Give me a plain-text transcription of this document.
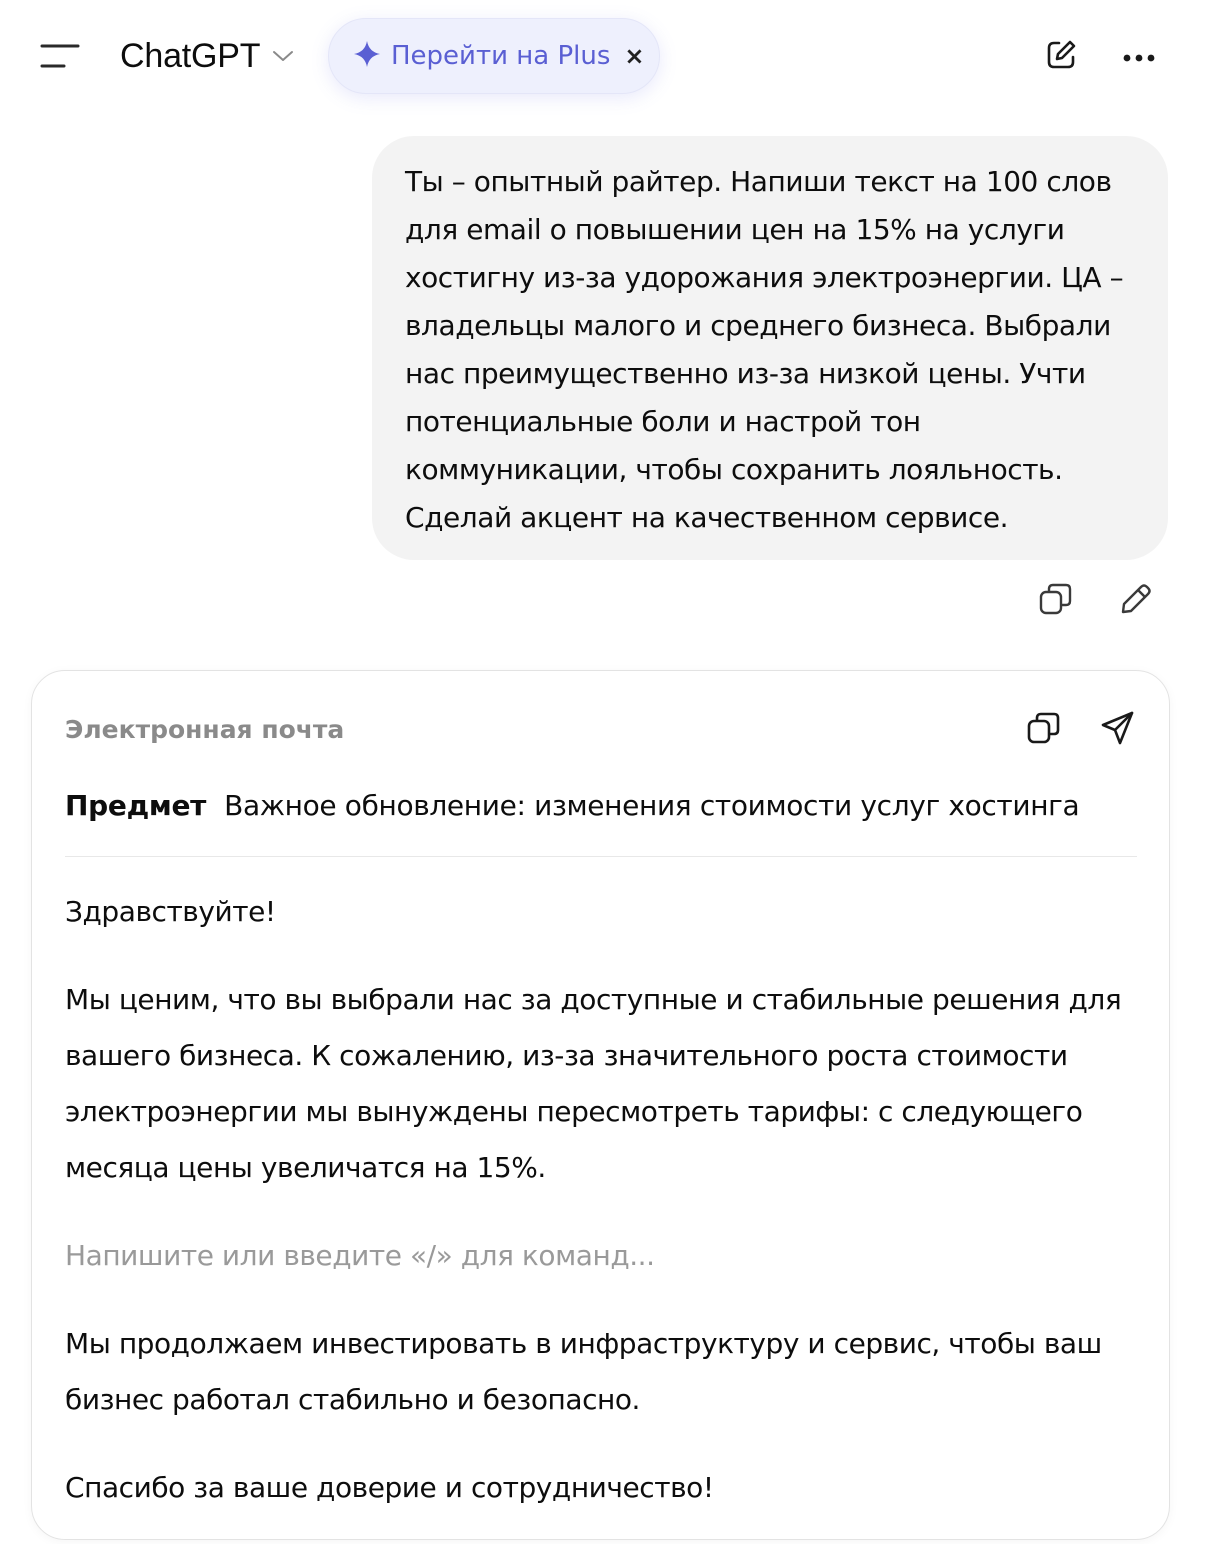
ChatGPT	Перейти на Plus ×

Ты – опытный райтер. Напиши текст на 100 слов для email о повышении цен на 15% на услуги хостигну из-за удорожания электроэнергии. ЦА – владельцы малого и среднего бизнеса. Выбрали нас преимущественно из-за низкой цены. Учти потенциальные боли и настрой тон коммуникации, чтобы сохранить лояльность. Сделай акцент на качественном сервисе.

Электронная почта
Предмет Важное обновление: изменения стоимости услуг хостинга

Здравствуйте!

Мы ценим, что вы выбрали нас за доступные и стабильные решения для вашего бизнеса. К сожалению, из-за значительного роста стоимости электроэнергии мы вынуждены пересмотреть тарифы: с следующего месяца цены увеличатся на 15%.

Напишите или введите «/» для команд...

Мы продолжаем инвестировать в инфраструктуру и сервис, чтобы ваш бизнес работал стабильно и безопасно.

Спасибо за ваше доверие и сотрудничество!
